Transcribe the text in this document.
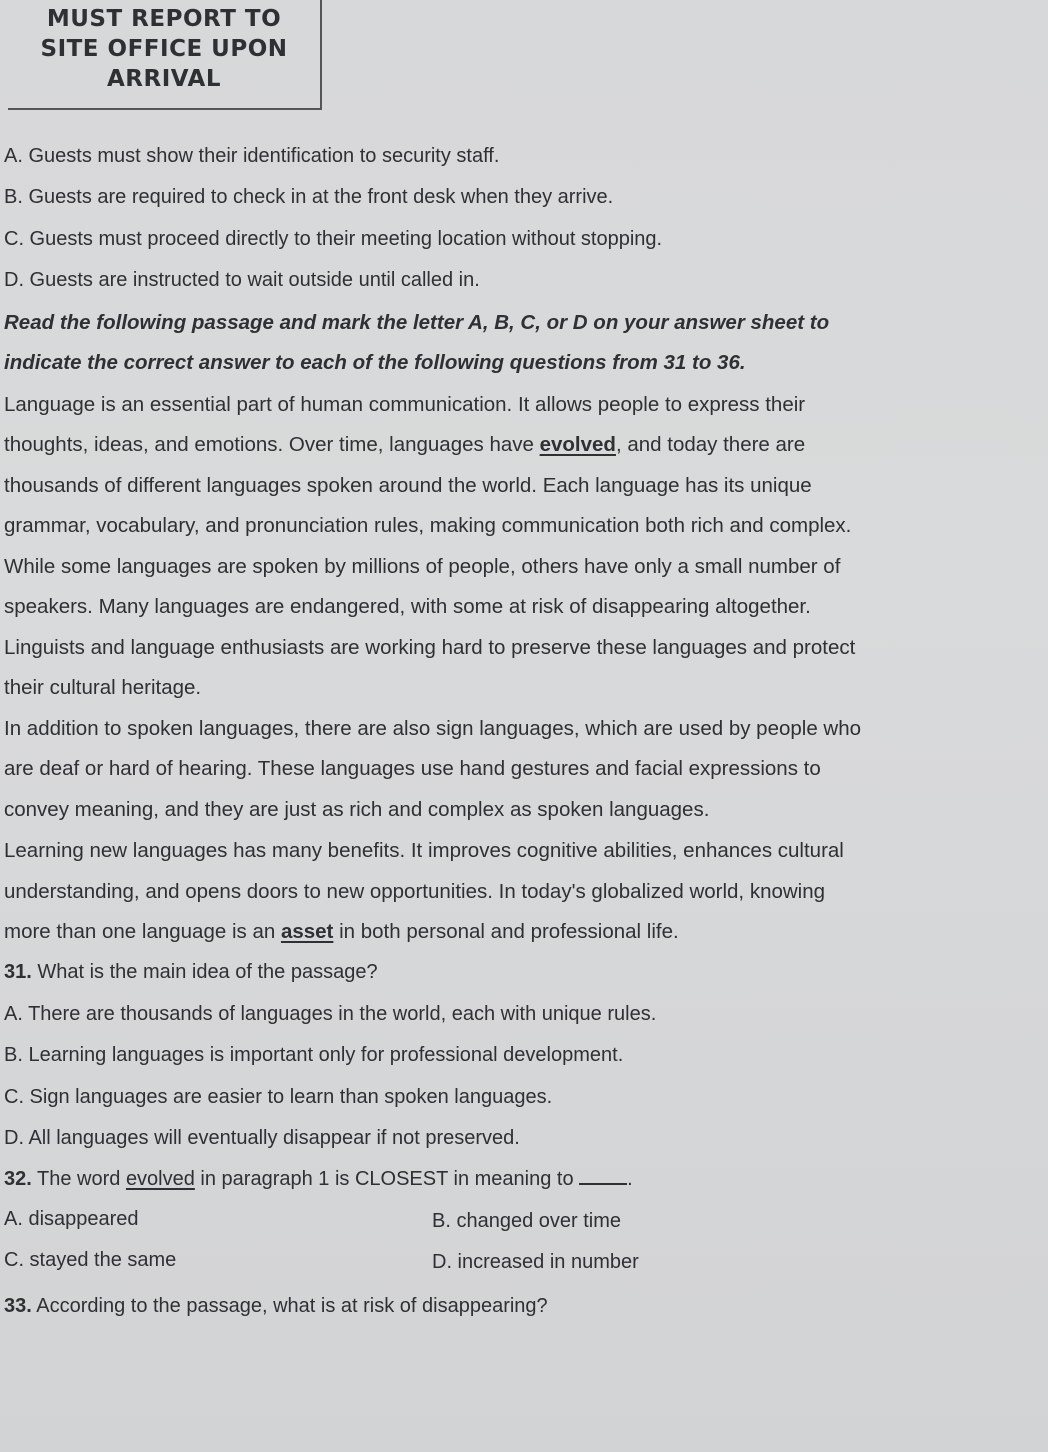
MUST REPORT TO
SITE OFFICE UPON
ARRIVAL
A. Guests must show their identification to security staff.
B. Guests are required to check in at the front desk when they arrive.
C. Guests must proceed directly to their meeting location without stopping.
D. Guests are instructed to wait outside until called in.
Read the following passage and mark the letter A, B, C, or D on your answer sheet to
indicate the correct answer to each of the following questions from 31 to 36.
Language is an essential part of human communication. It allows people to express their
thoughts, ideas, and emotions. Over time, languages have evolved, and today there are
thousands of different languages spoken around the world. Each language has its unique
grammar, vocabulary, and pronunciation rules, making communication both rich and complex.
While some languages are spoken by millions of people, others have only a small number of
speakers. Many languages are endangered, with some at risk of disappearing altogether.
Linguists and language enthusiasts are working hard to preserve these languages and protect
their cultural heritage.
In addition to spoken languages, there are also sign languages, which are used by people who
are deaf or hard of hearing. These languages use hand gestures and facial expressions to
convey meaning, and they are just as rich and complex as spoken languages.
Learning new languages has many benefits. It improves cognitive abilities, enhances cultural
understanding, and opens doors to new opportunities. In today's globalized world, knowing
more than one language is an asset in both personal and professional life.
31. What is the main idea of the passage?
A. There are thousands of languages in the world, each with unique rules.
B. Learning languages is important only for professional development.
C. Sign languages are easier to learn than spoken languages.
D. All languages will eventually disappear if not preserved.
32. The word evolved in paragraph 1 is CLOSEST in meaning to .
A. disappeared	B. changed over time
C. stayed the same	D. increased in number
33. According to the passage, what is at risk of disappearing?
